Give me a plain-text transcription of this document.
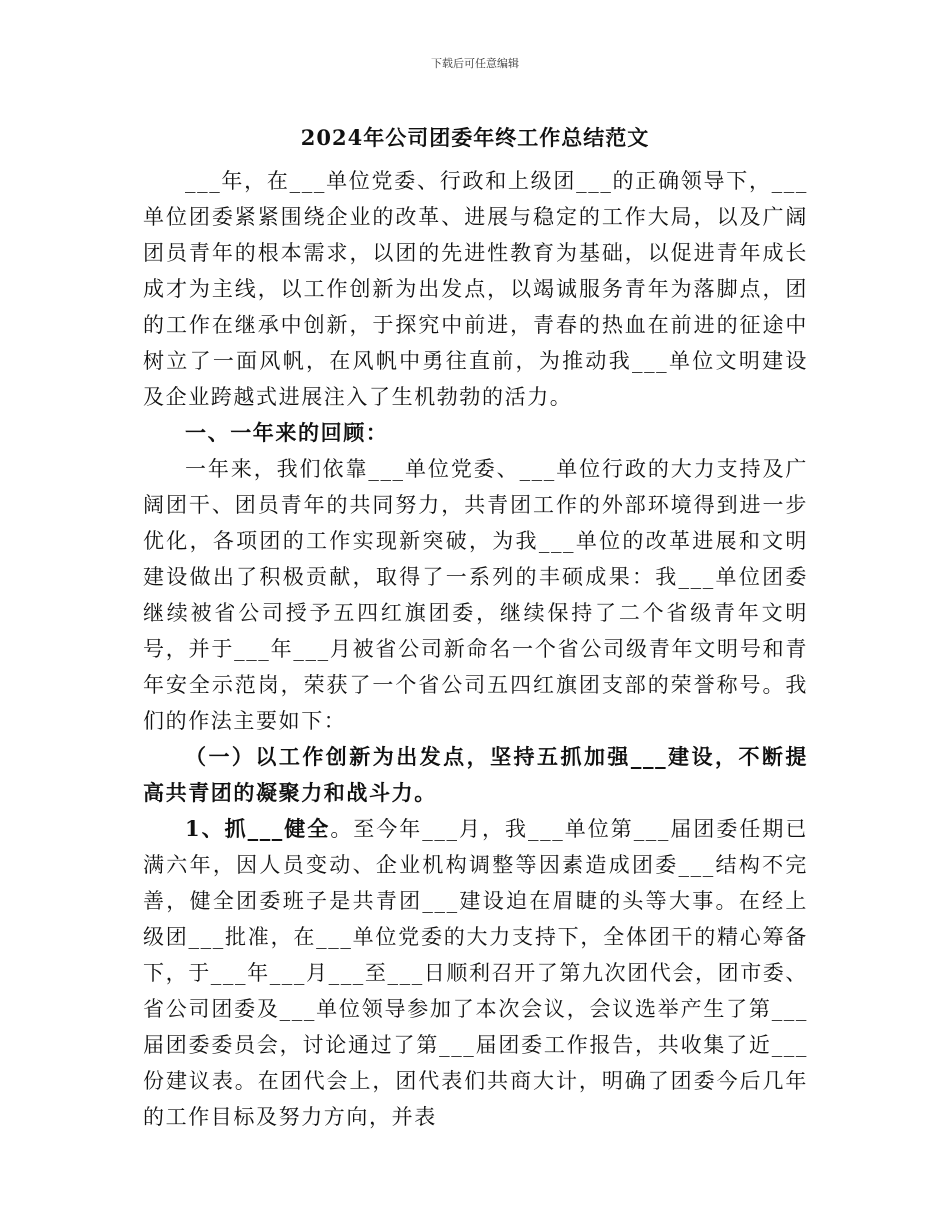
下载后可任意编辑
2024年公司团委年终工作总结范文

___年，在___单位党委、行政和上级团___的正确领导下，___单位团委紧紧围绕企业的改革、进展与稳定的工作大局，以及广阔团员青年的根本需求，以团的先进性教育为基础，以促进青年成长成才为主线，以工作创新为出发点，以竭诚服务青年为落脚点，团的工作在继承中创新，于探究中前进，青春的热血在前进的征途中树立了一面风帆，在风帆中勇往直前，为推动我___单位文明建设及企业跨越式进展注入了生机勃勃的活力。

一、一年来的回顾：

一年来，我们依靠___单位党委、___单位行政的大力支持及广阔团干、团员青年的共同努力，共青团工作的外部环境得到进一步优化，各项团的工作实现新突破，为我___单位的改革进展和文明建设做出了积极贡献，取得了一系列的丰硕成果：我___单位团委继续被省公司授予五四红旗团委，继续保持了二个省级青年文明号，并于___年___月被省公司新命名一个省公司级青年文明号和青年安全示范岗，荣获了一个省公司五四红旗团支部的荣誉称号。我们的作法主要如下：

（一）以工作创新为出发点，坚持五抓加强___建设，不断提高共青团的凝聚力和战斗力。

1、抓___健全。至今年___月，我___单位第___届团委任期已满六年，因人员变动、企业机构调整等因素造成团委___结构不完善，健全团委班子是共青团___建设迫在眉睫的头等大事。在经上级团___批准，在___单位党委的大力支持下，全体团干的精心筹备下，于___年___月___至___日顺利召开了第九次团代会，团市委、省公司团委及___单位领导参加了本次会议，会议选举产生了第___届团委委员会，讨论通过了第___届团委工作报告，共收集了近___份建议表。在团代会上，团代表们共商大计，明确了团委今后几年的工作目标及努力方向，并表
